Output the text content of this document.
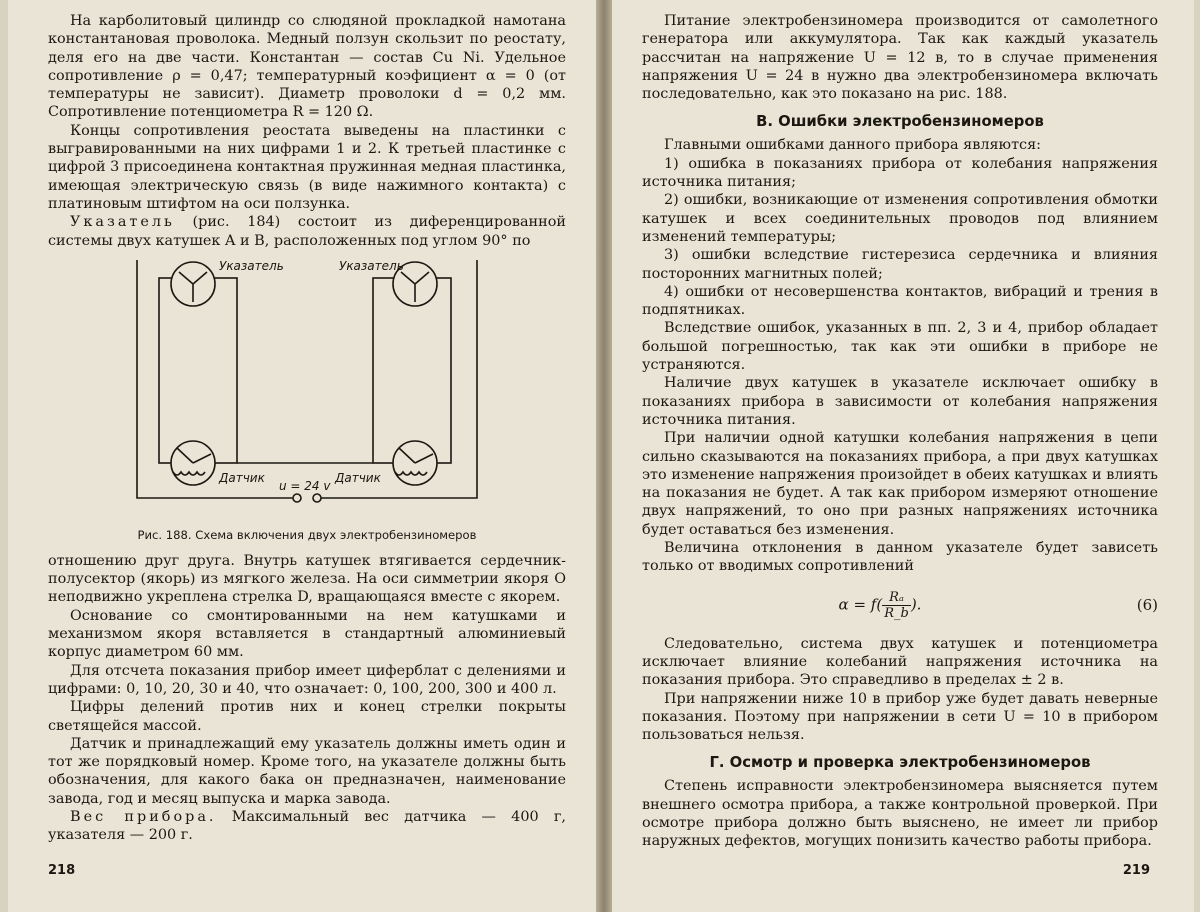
На карболитовый цилиндр со слюдяной прокладкой намотана константановая проволока. Медный ползун скользит по реостату, деля его на две части. Константан — состав Cu Ni. Удельное сопротивление ρ = 0,47; температурный коэфициент α = 0 (от температуры не зависит). Диаметр проволоки d = 0,2 мм. Сопротивление потенциометра R = 120 Ω.

Концы сопротивления реостата выведены на пластинки с выгравированными на них цифрами 1 и 2. К третьей пластинке с цифрой 3 присоединена контактная пружинная медная пластинка, имеющая электрическую связь (в виде нажимного контакта) с платиновым штифтом на оси ползунка.

Указатель (рис. 184) состоит из диференцированной системы двух катушек A и B, расположенных под углом 90° по

Указатель	Указатель
Датчик	Датчик
u = 24 v
Рис. 188. Схема включения двух электробензиномеров

отношению друг друга. Внутрь катушек втягивается сердечник-полусектор (якорь) из мягкого железа. На оси симметрии якоря O неподвижно укреплена стрелка D, вращающаяся вместе с якорем.

Основание со смонтированными на нем катушками и механизмом якоря вставляется в стандартный алюминиевый корпус диаметром 60 мм.

Для отсчета показания прибор имеет циферблат с делениями и цифрами: 0, 10, 20, 30 и 40, что означает: 0, 100, 200, 300 и 400 л.

Цифры делений против них и конец стрелки покрыты светящейся массой.

Датчик и принадлежащий ему указатель должны иметь один и тот же порядковый номер. Кроме того, на указателе должны быть обозначения, для какого бака он предназначен, наименование завода, год и месяц выпуска и марка завода.

Вес прибора. Максимальный вес датчика — 400 г, указателя — 200 г.

218

Питание электробензиномера производится от самолетного генератора или аккумулятора. Так как каждый указатель рассчитан на напряжение U = 12 в, то в случае применения напряжения U = 24 в нужно два электробензиномера включать последовательно, как это показано на рис. 188.

В. Ошибки электробензиномеров

Главными ошибками данного прибора являются:

1) ошибка в показаниях прибора от колебания напряжения источника питания;

2) ошибки, возникающие от изменения сопротивления обмотки катушек и всех соединительных проводов под влиянием изменений температуры;

3) ошибки вследствие гистерезиса сердечника и влияния посторонних магнитных полей;

4) ошибки от несовершенства контактов, вибраций и трения в подпятниках.

Вследствие ошибок, указанных в пп. 2, 3 и 4, прибор обладает большой погрешностью, так как эти ошибки в приборе не устраняются.

Наличие двух катушек в указателе исключает ошибку в показаниях прибора в зависимости от колебания напряжения источника питания.

При наличии одной катушки колебания напряжения в цепи сильно сказываются на показаниях прибора, а при двух катушках это изменение напряжения произойдет в обеих катушках и влиять на показания не будет. А так как прибором измеряют отношение двух напряжений, то оно при разных напряжениях источника будет оставаться без изменения.

Величина отклонения в данном указателе будет зависеть только от вводимых сопротивлений

$\alpha = f( \frac{\text{Rₐ}}{R\_b}$ ).	(6)

Следовательно, система двух катушек и потенциометра исключает влияние колебаний напряжения источника на показания прибора. Это справедливо в пределах ± 2 в.

При напряжении ниже 10 в прибор уже будет давать неверные показания. Поэтому при напряжении в сети U = 10 в прибором пользоваться нельзя.

Г. Осмотр и проверка электробензиномеров

Степень исправности электробензиномера выясняется путем внешнего осмотра прибора, а также контрольной проверкой. При осмотре прибора должно быть выяснено, не имеет ли прибор наружных дефектов, могущих понизить качество работы прибора.

219
